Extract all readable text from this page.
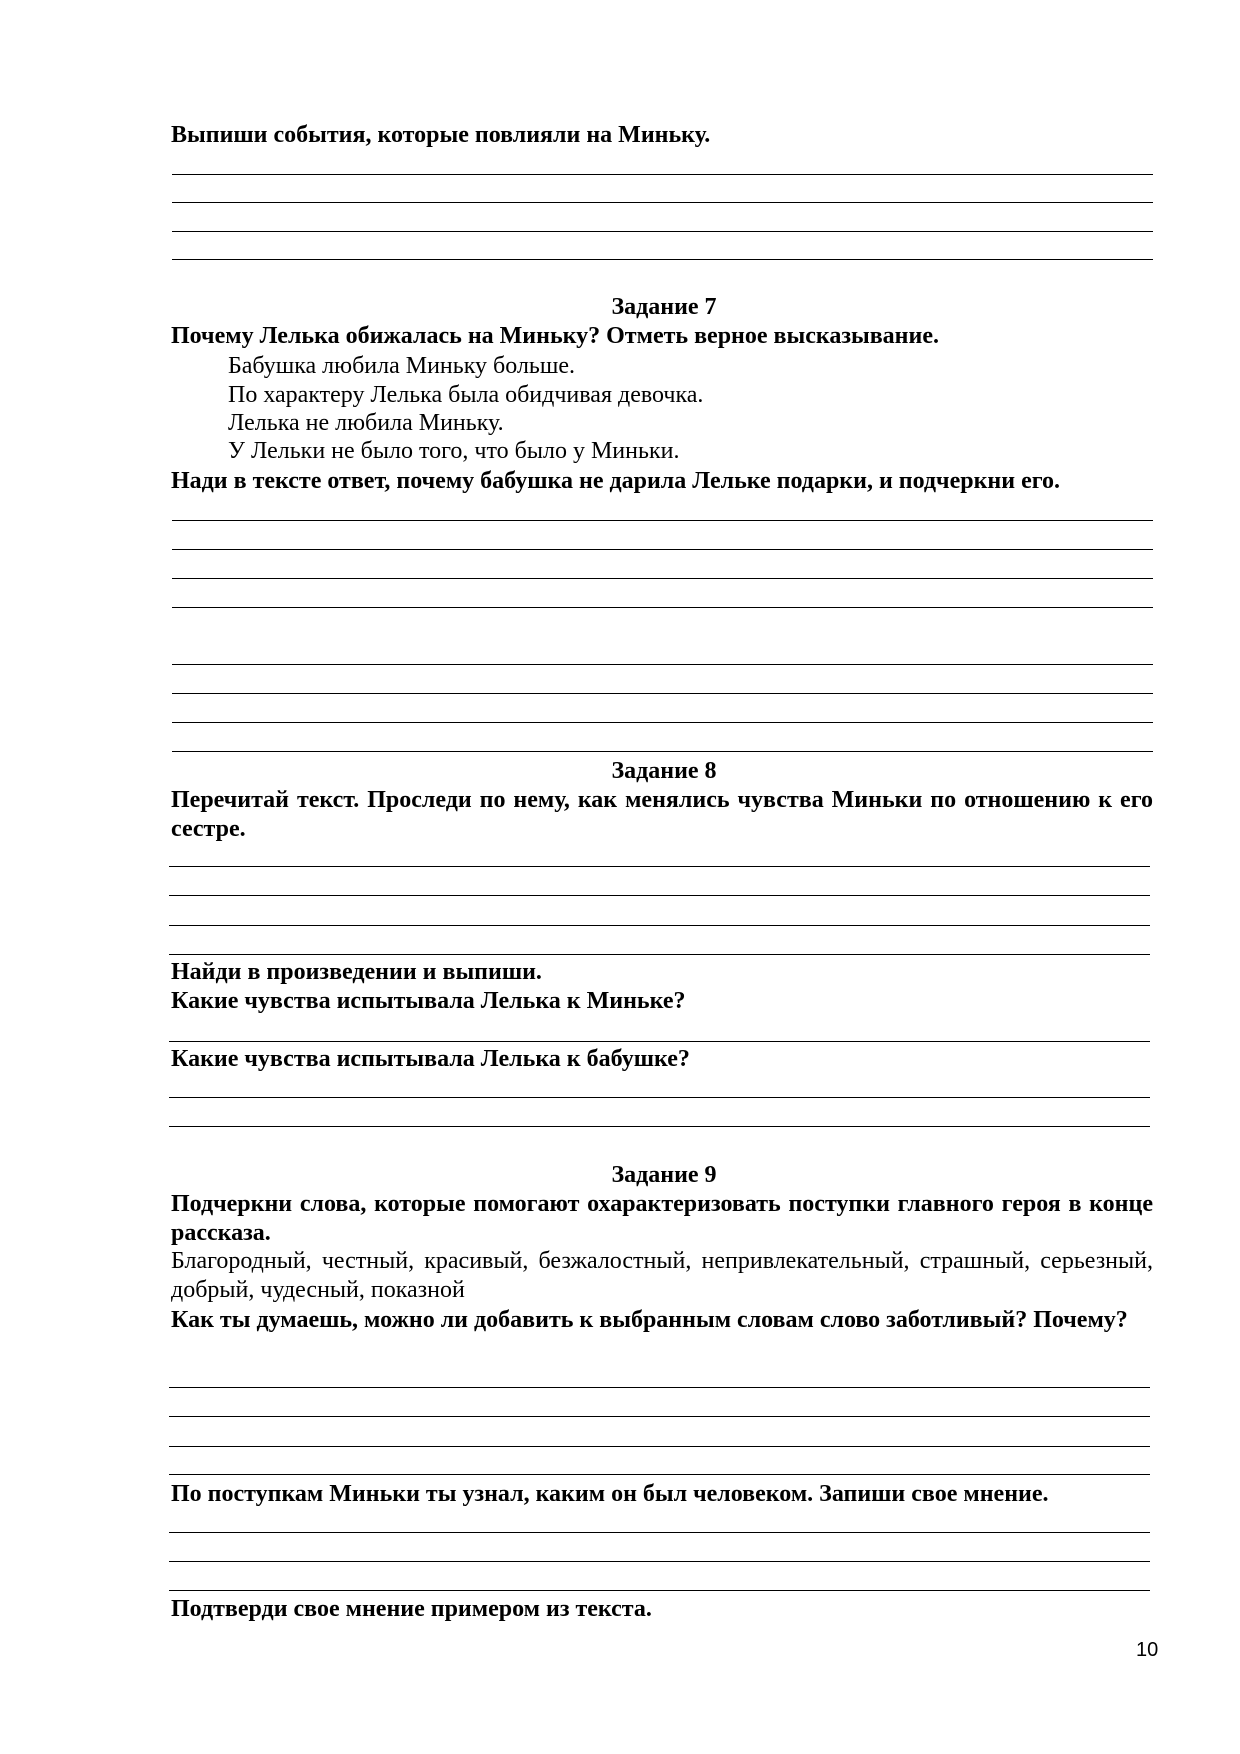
Выпиши события, которые повлияли на Миньку.
Задание 7
Почему Лелька обижалась на Миньку? Отметь верное высказывание.
Бабушка любила Миньку больше.
По характеру Лелька была обидчивая девочка.
Лелька не любила Миньку.
У Лельки не было того, что было у Миньки.
Нади в тексте ответ, почему бабушка не дарила Лельке подарки, и подчеркни его.
Задание 8
Перечитай текст. Проследи по нему, как менялись чувства Миньки по отношению к его сестре.
Найди в произведении и выпиши.
Какие чувства испытывала Лелька к Миньке?
Какие чувства испытывала Лелька к бабушке?
Задание 9
Подчеркни слова, которые помогают охарактеризовать поступки главного героя в конце рассказа.
Благородный, честный, красивый, безжалостный, непривлекательный, страшный, серьезный, добрый, чудесный, показной
Как ты думаешь, можно ли добавить к выбранным словам слово заботливый? Почему?
По поступкам Миньки ты узнал, каким он был человеком. Запиши свое мнение.
Подтверди свое мнение примером из текста.
10
